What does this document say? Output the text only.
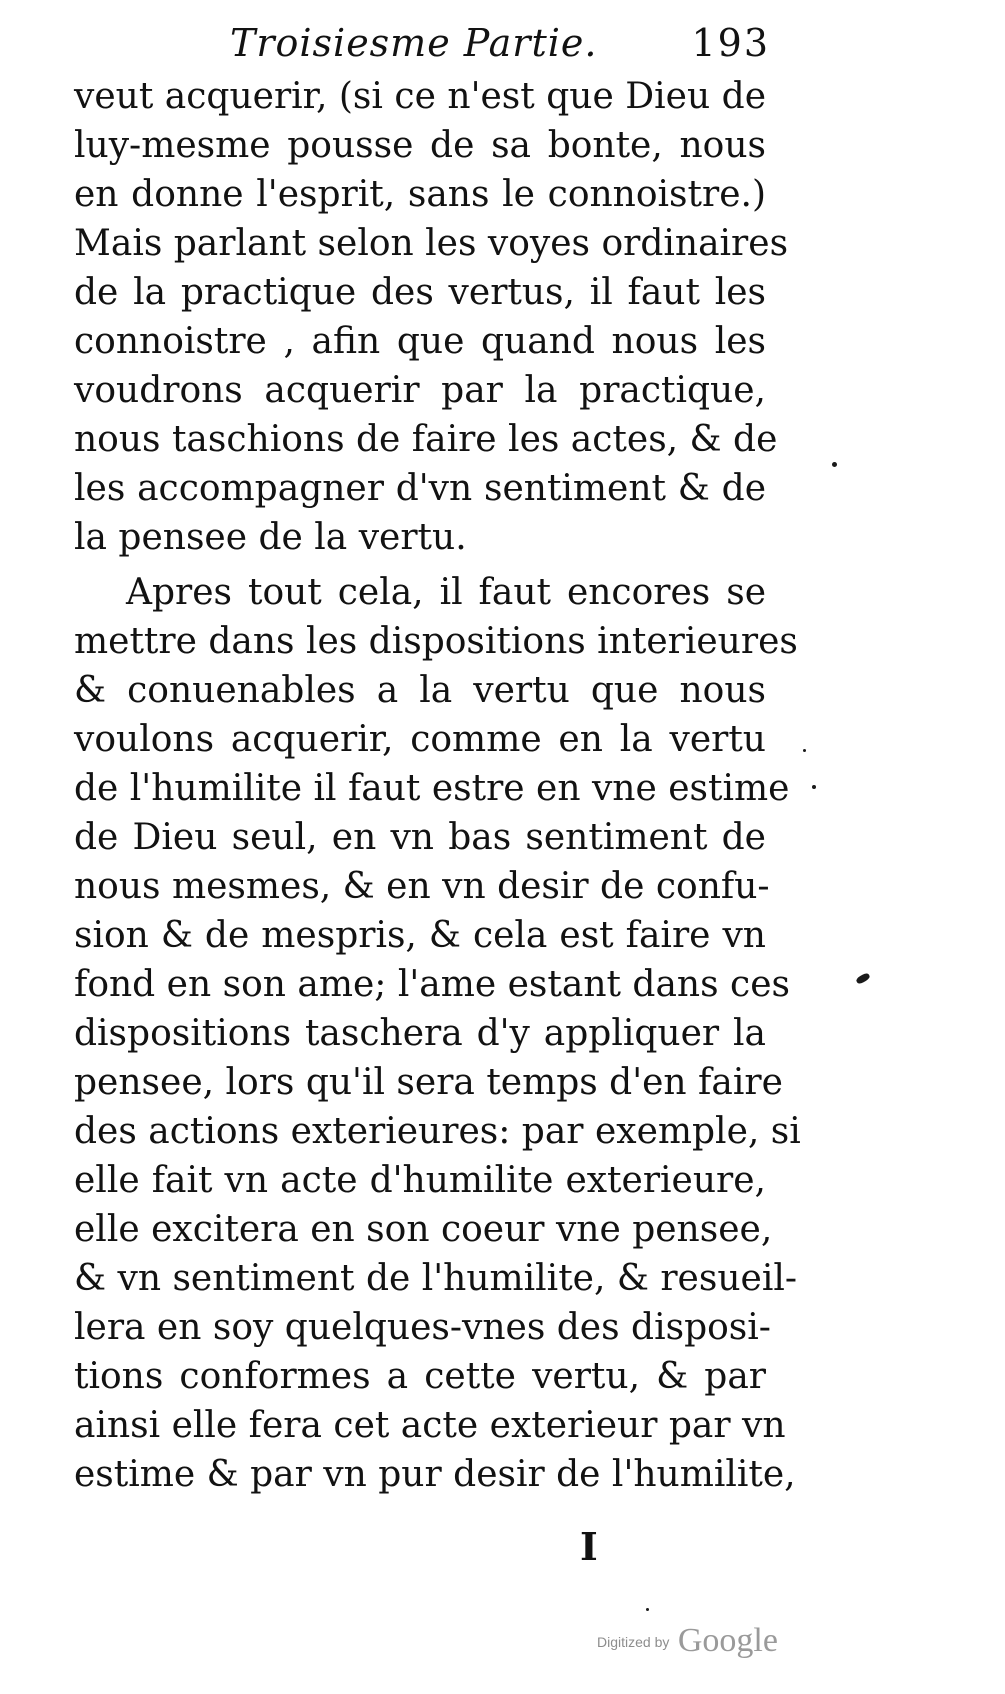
Troisiesme Partie. 193
veut acquerir, (si ce n'est que Dieu de
luy-mesme pousse de sa bonte, nous
en donne l'esprit, sans le connoistre.)
Mais parlant selon les voyes ordinaires
de la practique des vertus, il faut les
connoistre , afin que quand nous les
voudrons acquerir par la practique,
nous taschions de faire les actes, & de
les accompagner d'vn sentiment & de
la pensee de la vertu.
Apres tout cela, il faut encores se
mettre dans les dispositions interieures
& conuenables a la vertu que nous
voulons acquerir, comme en la vertu
de l'humilite il faut estre en vne estime
de Dieu seul, en vn bas sentiment de
nous mesmes, & en vn desir de confu-
sion & de mespris, & cela est faire vn
fond en son ame; l'ame estant dans ces
dispositions taschera d'y appliquer la
pensee, lors qu'il sera temps d'en faire
des actions exterieures: par exemple, si
elle fait vn acte d'humilite exterieure,
elle excitera en son coeur vne pensee,
& vn sentiment de l'humilite, & resueil-
lera en soy quelques-vnes des disposi-
tions conformes a cette vertu, & par
ainsi elle fera cet acte exterieur par vn
estime & par vn pur desir de l'humilite,
I
Digitized by Google
